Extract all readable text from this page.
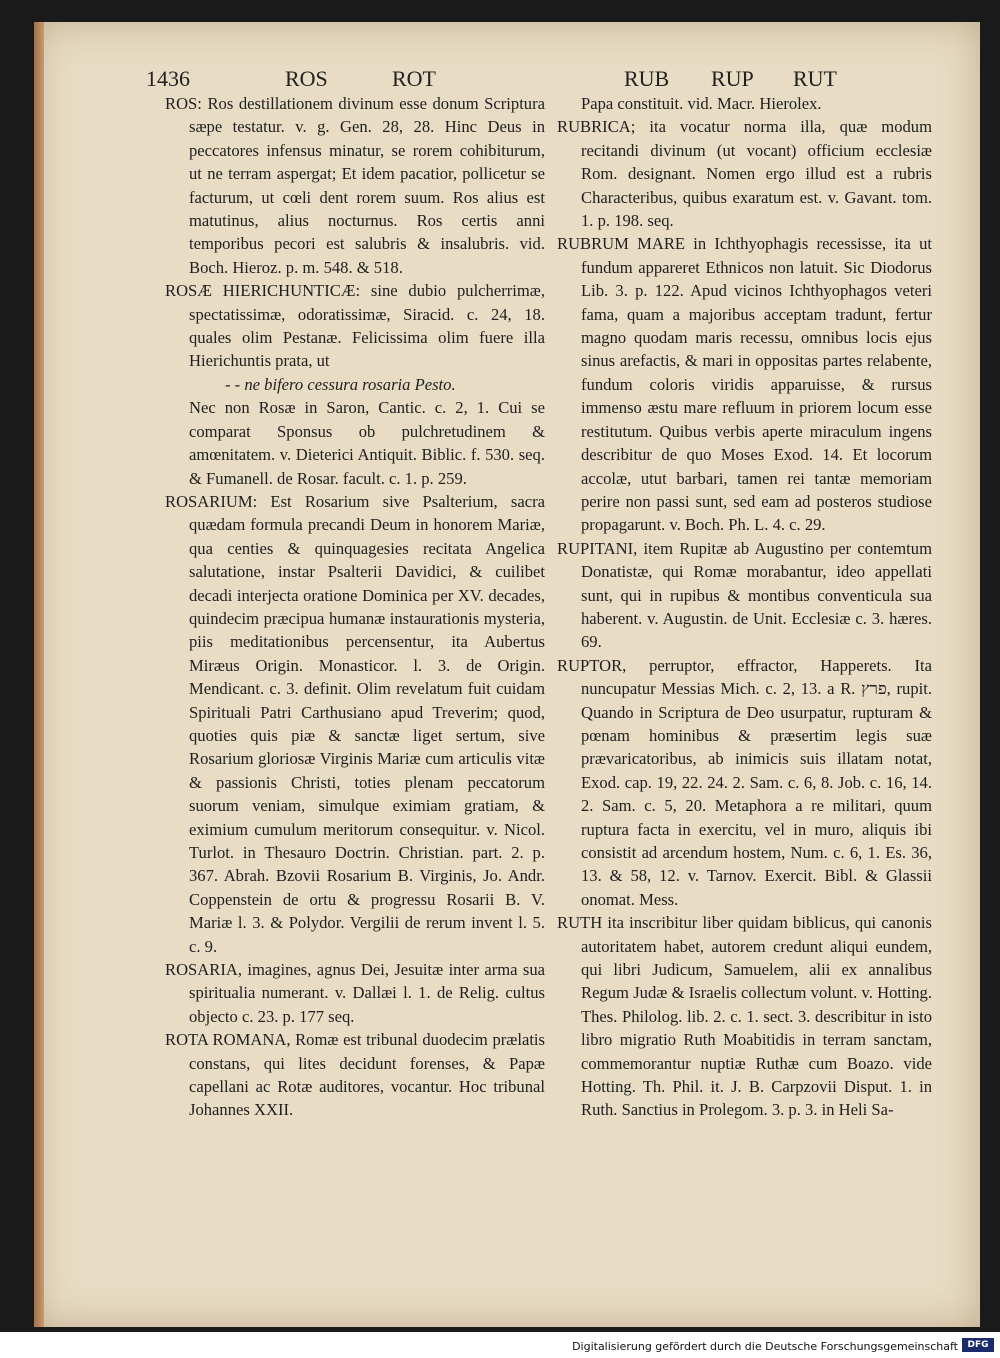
1436	ROS	ROT	RUB RUP RUT
ROS: Ros destillationem divinum esse donum Scriptura sæpe testatur. v. g. Gen. 28, 28. Hinc Deus in peccatores infensus minatur, se rorem cohibiturum, ut ne terram aspergat; Et idem pacatior, pollicetur se facturum, ut cœli dent rorem suum. Ros alius est matutinus, alius nocturnus. Ros certis anni temporibus pecori est salubris & insalubris. vid. Boch. Hieroz. p. m. 548. & 518.
ROSÆ HIERICHUNTICÆ: sine dubio pulcherrimæ, spectatissimæ, odoratissimæ, Siracid. c. 24, 18. quales olim Pestanæ. Felicissima olim fuere illa Hierichuntis prata, ut
- - ne bifero cessura rosaria Pesto.
Nec non Rosæ in Saron, Cantic. c. 2, 1. Cui se comparat Sponsus ob pulchretudinem & amœnitatem. v. Dieterici Antiquit. Biblic. f. 530. seq. & Fumanell. de Rosar. facult. c. 1. p. 259.
ROSARIUM: Est Rosarium sive Psalterium, sacra quædam formula precandi Deum in honorem Mariæ, qua centies & quinquagesies recitata Angelica salutatione, instar Psalterii Davidici, & cuilibet decadi interjecta oratione Dominica per XV. decades, quindecim præcipua humanæ instaurationis mysteria, piis meditationibus percensentur, ita Aubertus Miræus Origin. Monasticor. l. 3. de Origin. Mendicant. c. 3. definit. Olim revelatum fuit cuidam Spirituali Patri Carthusiano apud Treverim; quod, quoties quis piæ & sanctæ liget sertum, sive Rosarium gloriosæ Virginis Mariæ cum articulis vitæ & passionis Christi, toties plenam peccatorum suorum veniam, simulque eximiam gratiam, & eximium cumulum meritorum consequitur. v. Nicol. Turlot. in Thesauro Doctrin. Christian. part. 2. p. 367. Abrah. Bzovii Rosarium B. Virginis, Jo. Andr. Coppenstein de ortu & progressu Rosarii B. V. Mariæ l. 3. & Polydor. Vergilii de rerum invent l. 5. c. 9.
ROSARIA, imagines, agnus Dei, Jesuitæ inter arma sua spiritualia numerant. v. Dallæi l. 1. de Relig. cultus objecto c. 23. p. 177 seq.
ROTA ROMANA, Romæ est tribunal duodecim prælatis constans, qui lites decidunt forenses, & Papæ capellani ac Rotæ auditores, vocantur. Hoc tribunal Johannes XXII.
Papa constituit. vid. Macr. Hierolex.
RUBRICA; ita vocatur norma illa, quæ modum recitandi divinum (ut vocant) officium ecclesiæ Rom. designant. Nomen ergo illud est a rubris Characteribus, quibus exaratum est. v. Gavant. tom. 1. p. 198. seq.
RUBRUM MARE in Ichthyophagis recessisse, ita ut fundum appareret Ethnicos non latuit. Sic Diodorus Lib. 3. p. 122. Apud vicinos Ichthyophagos veteri fama, quam a majoribus acceptam tradunt, fertur magno quodam maris recessu, omnibus locis ejus sinus arefactis, & mari in oppositas partes relabente, fundum coloris viridis apparuisse, & rursus immenso æstu mare refluum in priorem locum esse restitutum. Quibus verbis aperte miraculum ingens describitur de quo Moses Exod. 14. Et locorum accolæ, utut barbari, tamen rei tantæ memoriam perire non passi sunt, sed eam ad posteros studiose propagarunt. v. Boch. Ph. L. 4. c. 29.
RUPITANI, item Rupitæ ab Augustino per contemtum Donatistæ, qui Romæ morabantur, ideo appellati sunt, qui in rupibus & montibus conventicula sua haberent. v. Augustin. de Unit. Ecclesiæ c. 3. hæres. 69.
RUPTOR, perruptor, effractor, Happerets. Ita nuncupatur Messias Mich. c. 2, 13. a R. פרץ, rupit. Quando in Scriptura de Deo usurpatur, rupturam & pœnam hominibus & præsertim legis suæ prævaricatoribus, ab inimicis suis illatam notat, Exod. cap. 19, 22. 24. 2. Sam. c. 6, 8. Job. c. 16, 14. 2. Sam. c. 5, 20. Metaphora a re militari, quum ruptura facta in exercitu, vel in muro, aliquis ibi consistit ad arcendum hostem, Num. c. 6, 1. Es. 36, 13. & 58, 12. v. Tarnov. Exercit. Bibl. & Glassii onomat. Mess.
RUTH ita inscribitur liber quidam biblicus, qui canonis autoritatem habet, autorem credunt aliqui eundem, qui libri Judicum, Samuelem, alii ex annalibus Regum Judæ & Israelis collectum volunt. v. Hotting. Thes. Philolog. lib. 2. c. 1. sect. 3. describitur in isto libro migratio Ruth Moabitidis in terram sanctam, commemorantur nuptiæ Ruthæ cum Boazo. vide Hotting. Th. Phil. it. J. B. Carpzovii Disput. 1. in Ruth. Sanctius in Prolegom. 3. p. 3. in Heli Sa-
Digitalisierung gefördert durch die Deutsche Forschungsgemeinschaft	DFG
